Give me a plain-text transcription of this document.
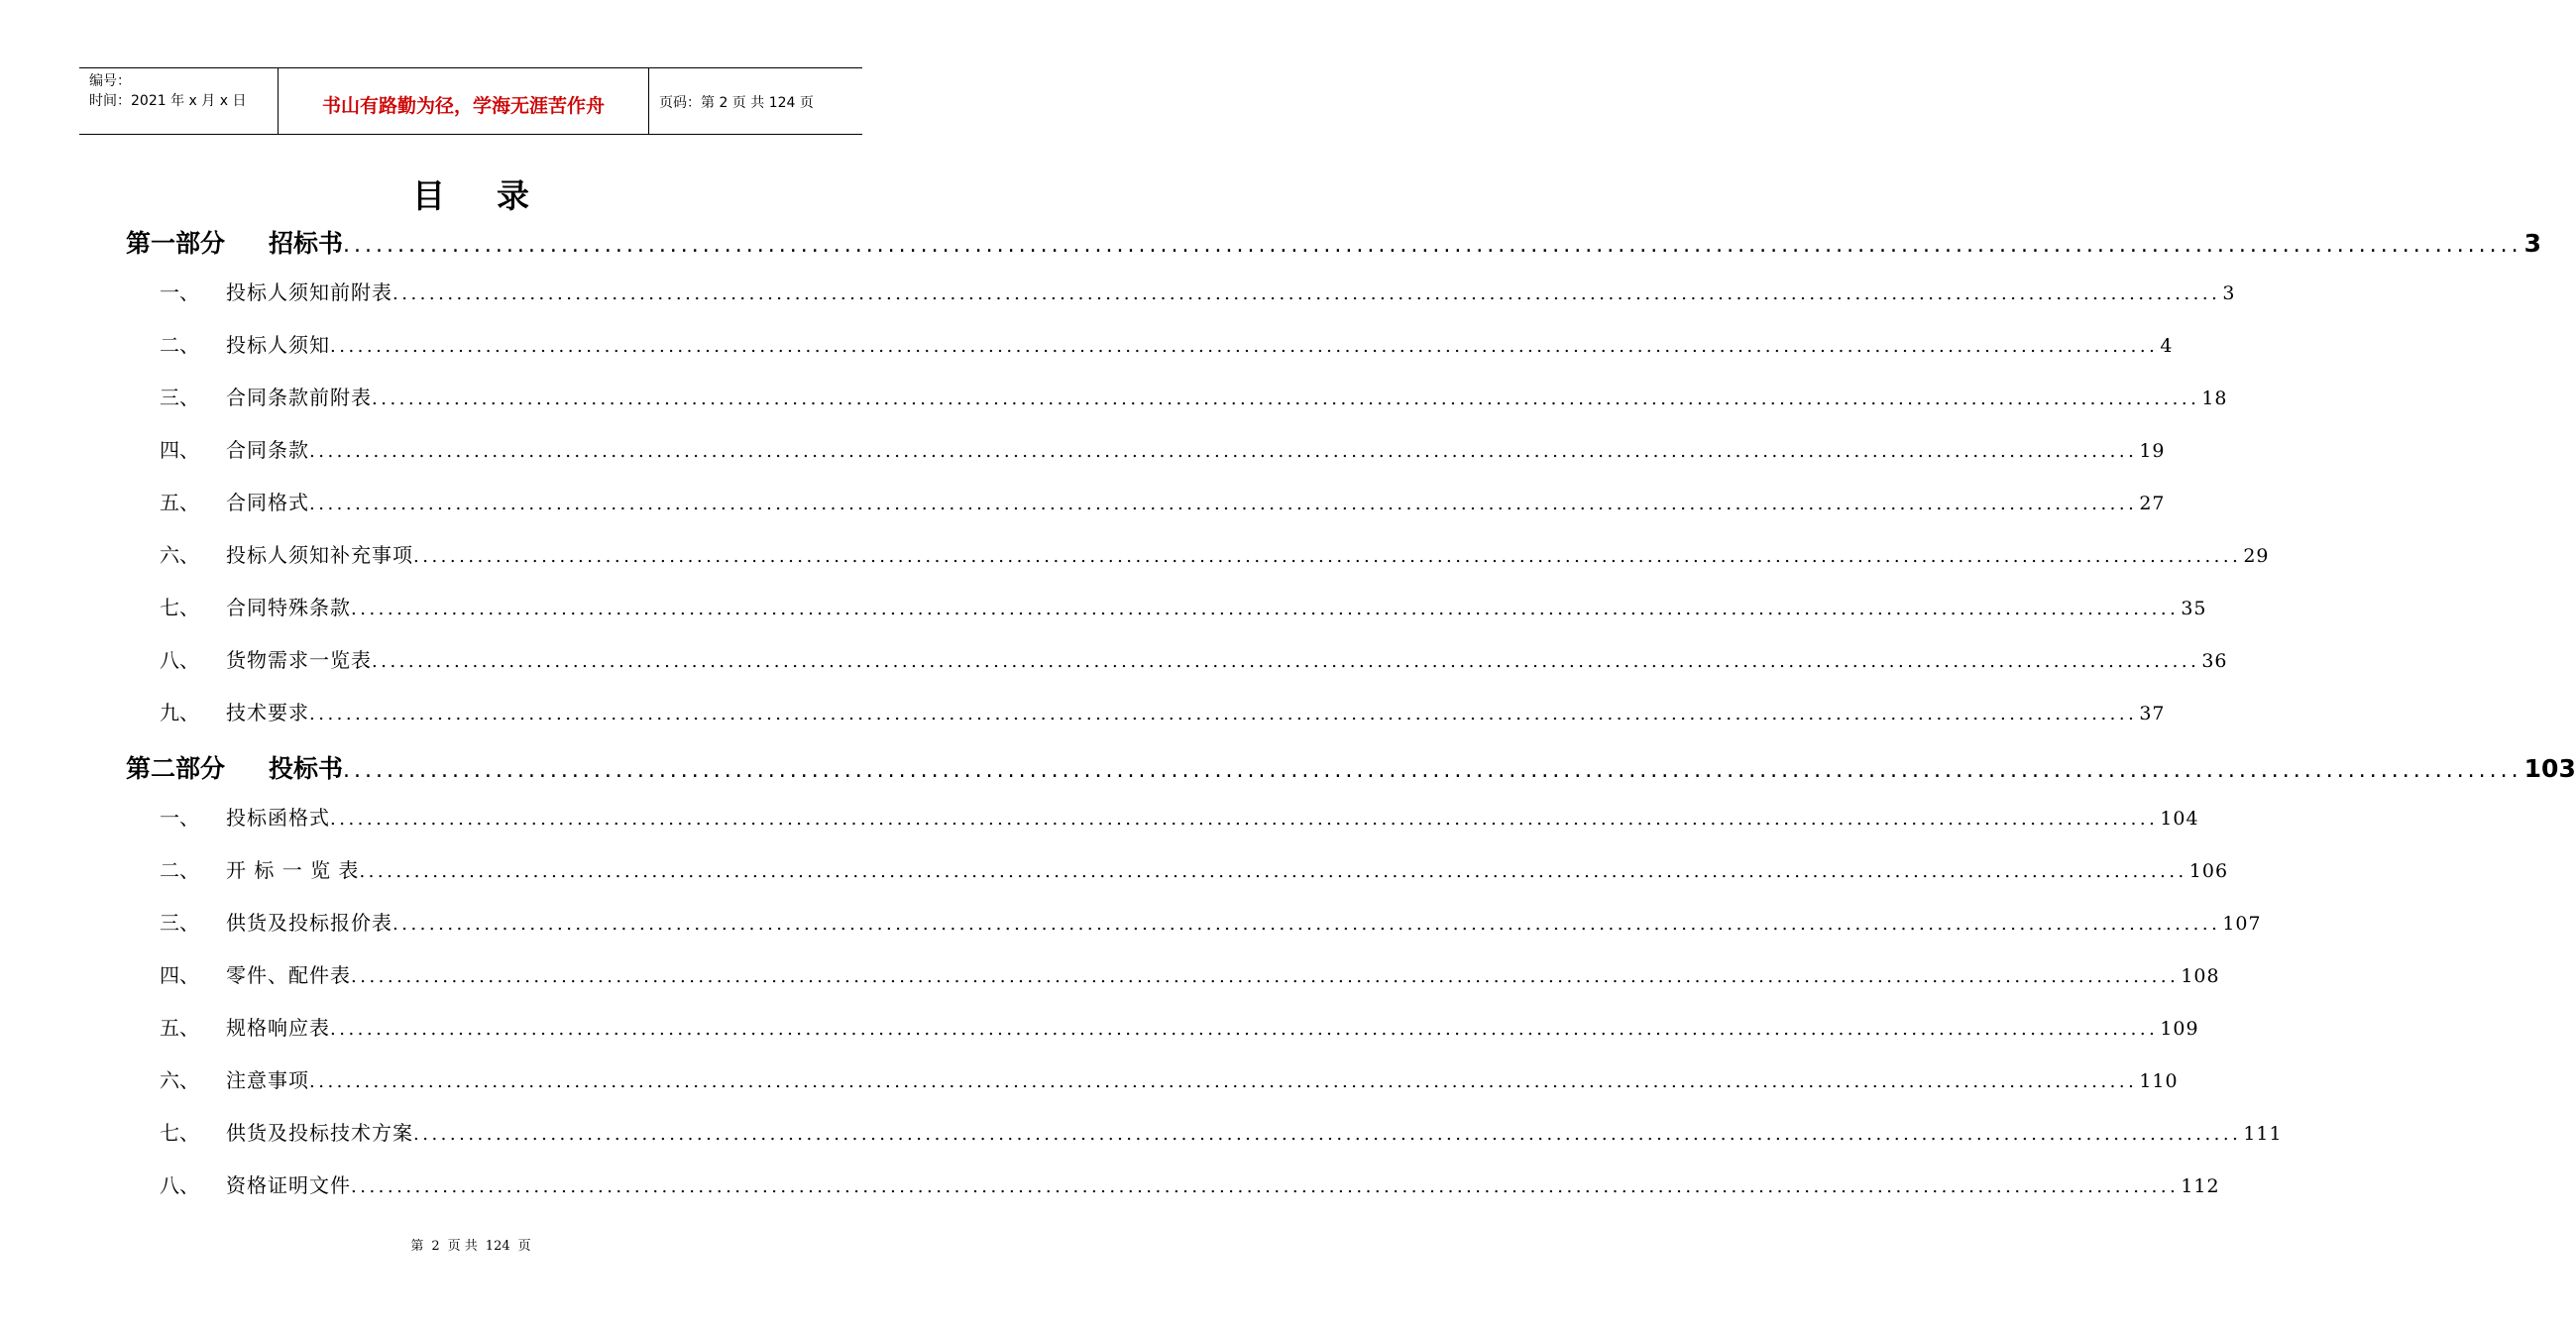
编号：
时间：2021 年 x 月 x 日	书山有路勤为径，学海无涯苦作舟	页码：第 2 页 共 124 页
目录
第一部分	招标书 ........................................................................................................................................................................................................ 3
一、	投标人须知前附表 ........................................................................................................................................................................................................ 3
二、	投标人须知 ........................................................................................................................................................................................................ 4
三、	合同条款前附表 ........................................................................................................................................................................................................ 18
四、	合同条款 ........................................................................................................................................................................................................ 19
五、	合同格式 ........................................................................................................................................................................................................ 27
六、	投标人须知补充事项 ........................................................................................................................................................................................................ 29
七、	合同特殊条款 ........................................................................................................................................................................................................ 35
八、	货物需求一览表 ........................................................................................................................................................................................................ 36
九、	技术要求 ........................................................................................................................................................................................................ 37
第二部分	投标书 ........................................................................................................................................................................................................ 103
一、	投标函格式 ........................................................................................................................................................................................................ 104
二、	开 标 一 览 表 ........................................................................................................................................................................................................ 106
三、	供货及投标报价表 ........................................................................................................................................................................................................ 107
四、	零件、配件表 ........................................................................................................................................................................................................ 108
五、	规格响应表 ........................................................................................................................................................................................................ 109
六、	注意事项 ........................................................................................................................................................................................................ 110
七、	供货及投标技术方案 ........................................................................................................................................................................................................ 111
八、	资格证明文件 ........................................................................................................................................................................................................ 112
第 2 页 共 124 页
